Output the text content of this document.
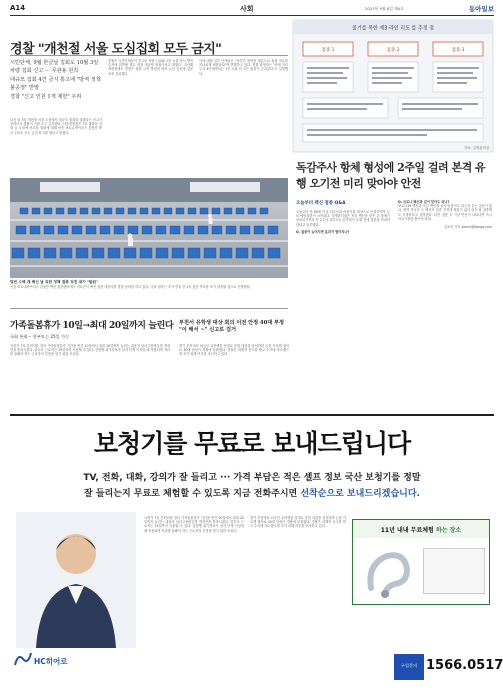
A14	사회	2021년 9월 8일 제4호	동아일보
경찰 "개천절 서울 도심집회 모두 금지"
시민단체, 9월 한글날 집회도 10월 3일 차량 집회 신고 ··· 무관용 원칙
대규모 집회 4건 금지 통고에 "방역 정책 불공정" 반발
경찰 "신고 인원 1개 제한" 우려
다음 달 3일 개천절 서울 도심에서 대규모 집회를 열겠다는 신고가 잇따르자 경찰이 이를 모두 금지했다. 서울경찰청은 7일 광화문 일대 등 도심에 신고된 집회에 대해 신종 코로나바이러스 감염증 확산 우려로 모두 금지 통고를 했다고 밝혔다.
경찰은 시민단체들이 신고한 차량 시위와 1인 시위 역시 방역 수칙에 위반될 경우 엄정 대응할 방침이라고 밝혔다. 지난해 개천절에도 경찰은 집회 금지 방침에 따라 도심 곳곳에 검문소를 설치했다.
이에 대해 일부 단체들은 "정부가 방역을 명분으로 집회 자유를 지나치게 제한한다"며 반발하고 있다. 경찰 관계자는 "현재 거리 두기 4단계에서는 1인 시위 외 모든 집회가 금지된다"고 설명했다.
텅빈 수백 개 백신 날 위한 정책 접종 직전 대기 "탈원"
신종 코로나바이러스 감염증 백신 접종센터에서 의료진이 백신 접종 대상자를 맞을 준비를 하고 있다. 이날 정부는 추석 연휴 전 1차 접종 목표를 조기 달성할 것으로 전망했다.
가족돌봄휴가 10일→최대 20일까지 늘린다
국회 본회··· 한부모는 25일 가능
국회가 7일 본회의를 열어 가족돌봄휴가 기간을 연간 10일에서 최대 20일까지 늘리는 내용의 남녀고용평등법 개정안을 통과시켰다. 한부모 근로자는 25일까지 사용할 수 있다. 감염병 위기경보가 심각 단계 이상일 때 적용되며 자녀를 돌봐야 하는 근로자의 부담을 덜기 위한 조치다.
부천서 유학생 대상 회의 이전 안정 40대 부정 "이 해서 ~" 신고로 검거
경기 부천에서 외국인 유학생을 상대로 불법 대출을 알선하며 돈을 가로챈 혐의로 40대 남성이 경찰에 붙잡혔다. 경찰은 피해자 신고를 받고 수사에 착수했으며 추가 피해 여부를 조사하고 있다.
줄기를 목한 제3 라인 리도 를 추정 점
접종 1	접종 2	접종 3
자료: 질병관리청
독감주사 항체 형성에 2주일 걸려 본격 유행 오기전 미리 맞아야 안전
오늘부터 백신 접종 Q&A
오늘부터 만 65세 이상 어르신과 어린이를 대상으로 인플루엔자 무료 예방접종이 시작된다. 질병관리청은 독감 백신을 맞은 뒤 항체가 형성되기까지 약 2주가 걸리므로 본격적인 유행 전에 접종을 마쳐야 한다고 당부했다.
Q. 접종이 늦어지면 효과가 떨어지나?
Q. 코로나 백신과 같이 맞아도 되나?
코로나19 백신과 독감 백신을 동시에 맞아도 되는지 묻는 질문이 많다. 방역 당국은 두 백신의 접종 간격에 제한이 없어 같은 날 접종해도 무방하다고 설명했다. 다만 접종 후 이상 반응이 나타나면 즉시 의료기관을 찾아야 한다.
김소민 기자 somin@donga.com
보청기를 무료로 보내드립니다
TV, 전화, 대화, 강의가 잘 들리고 ··· 가격 부담은 적은 셀프 정보 국산 보청기를 정말
잘 들리는지 무료로 체험할 수 있도록 지금 전화주시면 선착순으로 보내드리겠습니다.
국회가 7일 본회의를 열어 가족돌봄휴가 기간을 연간 10일에서 최대 20일까지 늘리는 내용의 남녀고용평등법 개정안을 통과시켰다. 한부모 근로자는 25일까지 사용할 수 있다. 감염병 위기경보가 심각 단계 이상일 때 적용되며 자녀를 돌봐야 하는 근로자의 부담을 덜기 위한 조치다.
경기 부천에서 외국인 유학생을 상대로 불법 대출을 알선하며 돈을 가로챈 혐의로 40대 남성이 경찰에 붙잡혔다. 경찰은 피해자 신고를 받고 수사에 착수했으며 추가 피해 여부를 조사하고 있다.
11년 내내 무료체험 하는 장소
HC히어로	구입문의 1566.0517
